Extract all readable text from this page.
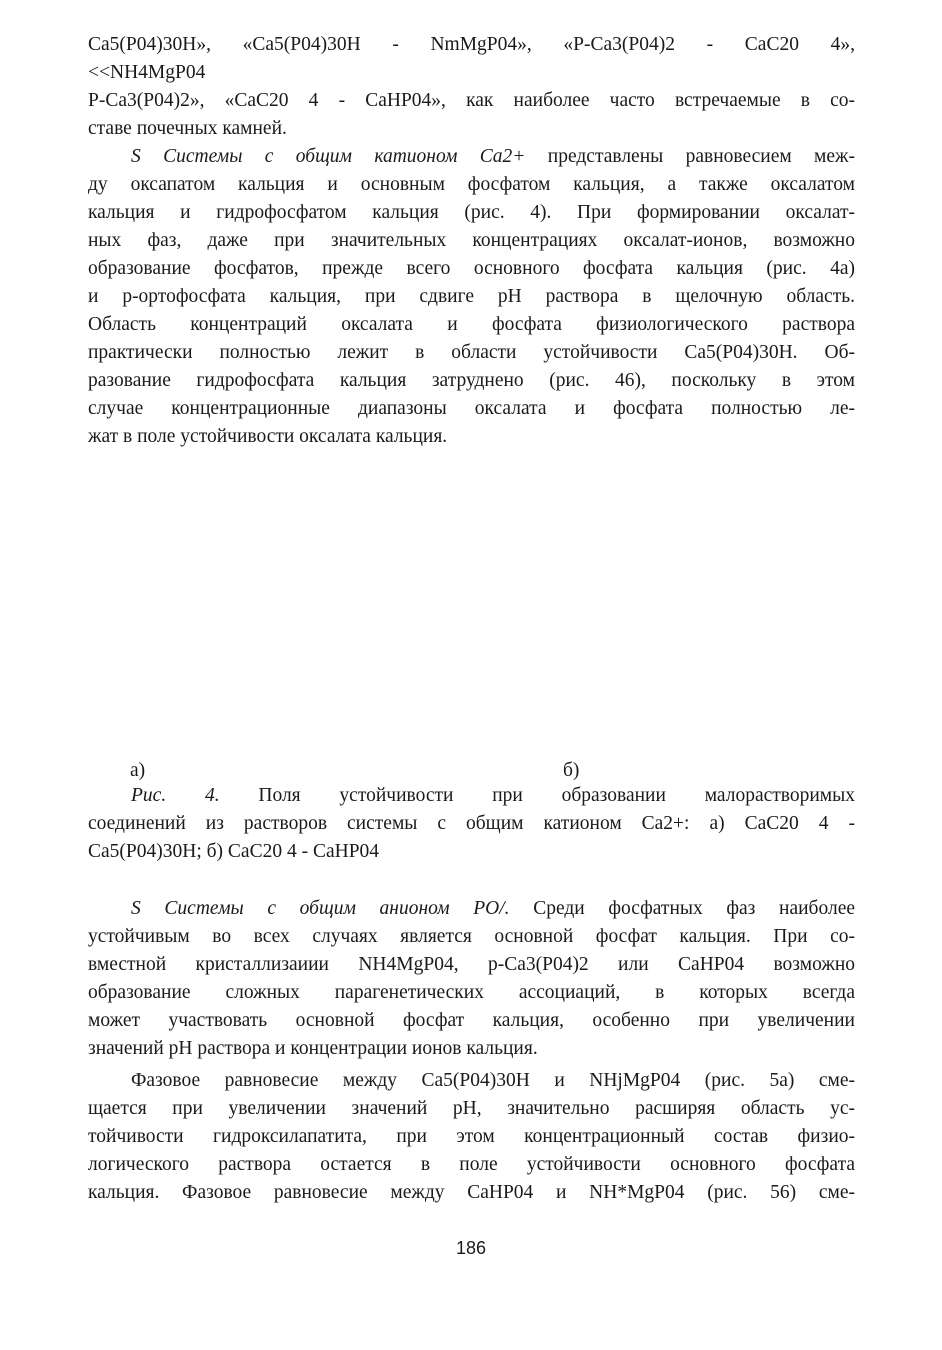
Ca5(P04)30H», «Ca5(P04)30H - NmMgP04», «P-Ca3(P04)2 - CaC20 4»,
<<NH4MgP04
P-Ca3(P04)2», «CaC20 4 - CaHP04», как наиболее часто встречаемые в со-
ставе почечных камней.
S Системы с общим катионом Ca2+ представлены равновесием меж-
ду оксапатом кальция и основным фосфатом кальция, а также оксалатом
кальция и гидрофосфатом кальция (рис. 4). При формировании оксалат-
ных фаз, даже при значительных концентрациях оксалат-ионов, возможно
образование фосфатов, прежде всего основного фосфата кальция (рис. 4а)
и р-ортофосфата кальция, при сдвиге pH раствора в щелочную область.
Область концентраций оксалата и фосфата физиологического раствора
практически полностью лежит в области устойчивости Ca5(P04)30H. Об-
разование гидрофосфата кальция затруднено (рис. 46), поскольку в этом
случае концентрационные диапазоны оксалата и фосфата полностью ле-
жат в поле устойчивости оксалата кальция.
а)	б)
Рис. 4. Поля устойчивости при образовании малорастворимых
соединений из растворов системы с общим катионом Ca2+: а) CaC20 4 -
Ca5(P04)30H; б) CaC20 4 - CaHP04
S Системы с общим анионом PO/. Среди фосфатных фаз наиболее
устойчивым во всех случаях является основной фосфат кальция. При со-
вместной кристаллизаиии NH4MgP04, p-Ca3(P04)2 или CaHP04 возможно
образование сложных парагенетических ассоциаций, в которых всегда
может участвовать основной фосфат кальция, особенно при увеличении
значений pH раствора и концентрации ионов кальция.
Фазовое равновесие между Ca5(P04)30H и NHjMgP04 (рис. 5а) сме-
щается при увеличении значений pH, значительно расширяя область ус-
тойчивости гидроксилапатита, при этом концентрационный состав физио-
логического раствора остается в поле устойчивости основного фосфата
кальция. Фазовое равновесие между CaHP04 и NH*MgP04 (рис. 56) сме-
186
